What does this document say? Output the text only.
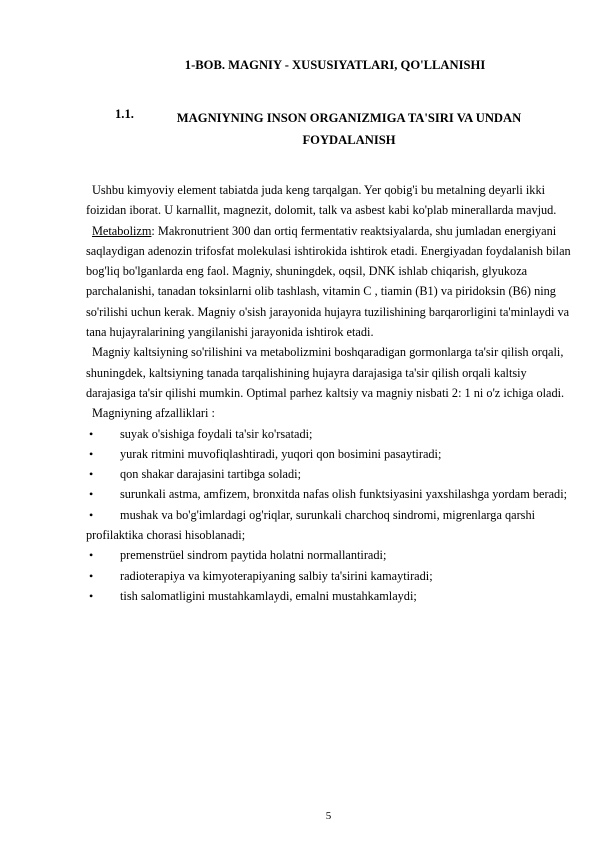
1-BOB. MAGNIY - XUSUSIYATLARI, QO'LLANISHI
1.1.	MAGNIYNING INSON ORGANIZMIGA TA'SIRI VA UNDAN FOYDALANISH

Ushbu kimyoviy element tabiatda juda keng tarqalgan. Yer qobig'i bu metalning deyarli ikki foizidan iborat. U karnallit, magnezit, dolomit, talk va asbest kabi ko'plab minerallarda mavjud.

Metabolizm: Makronutrient 300 dan ortiq fermentativ reaktsiyalarda, shu jumladan energiyani saqlaydigan adenozin trifosfat molekulasi ishtirokida ishtirok etadi. Energiyadan foydalanish bilan bog'liq bo'lganlarda eng faol. Magniy, shuningdek, oqsil, DNK ishlab chiqarish, glyukoza parchalanishi, tanadan toksinlarni olib tashlash, vitamin C , tiamin (B1) va piridoksin (B6) ning so'rilishi uchun kerak. Magniy o'sish jarayonida hujayra tuzilishining barqarorligini ta'minlaydi va tana hujayralarining yangilanishi jarayonida ishtirok etadi.

Magniy kaltsiyning so'rilishini va metabolizmini boshqaradigan gormonlarga ta'sir qilish orqali, shuningdek, kaltsiyning tanada tarqalishining hujayra darajasiga ta'sir qilish orqali kaltsiy darajasiga ta'sir qilishi mumkin. Optimal parhez kaltsiy va magniy nisbati 2: 1 ni o'z ichiga oladi.

Magniyning afzalliklari :

• suyak o'sishiga foydali ta'sir ko'rsatadi;
• yurak ritmini muvofiqlashtiradi, yuqori qon bosimini pasaytiradi;
• qon shakar darajasini tartibga soladi;
•	surunkali astma, amfizem, bronxitda nafas olish funktsiyasini yaxshilashga yordam beradi;
•	mushak va bo'g'imlardagi og'riqlar, surunkali charchoq sindromi, migrenlarga qarshi profilaktika chorasi hisoblanadi;
• premenstrüel sindrom paytida holatni normallantiradi;
• radioterapiya va kimyoterapiyaning salbiy ta'sirini kamaytiradi;
• tish salomatligini mustahkamlaydi, emalni mustahkamlaydi;
5
